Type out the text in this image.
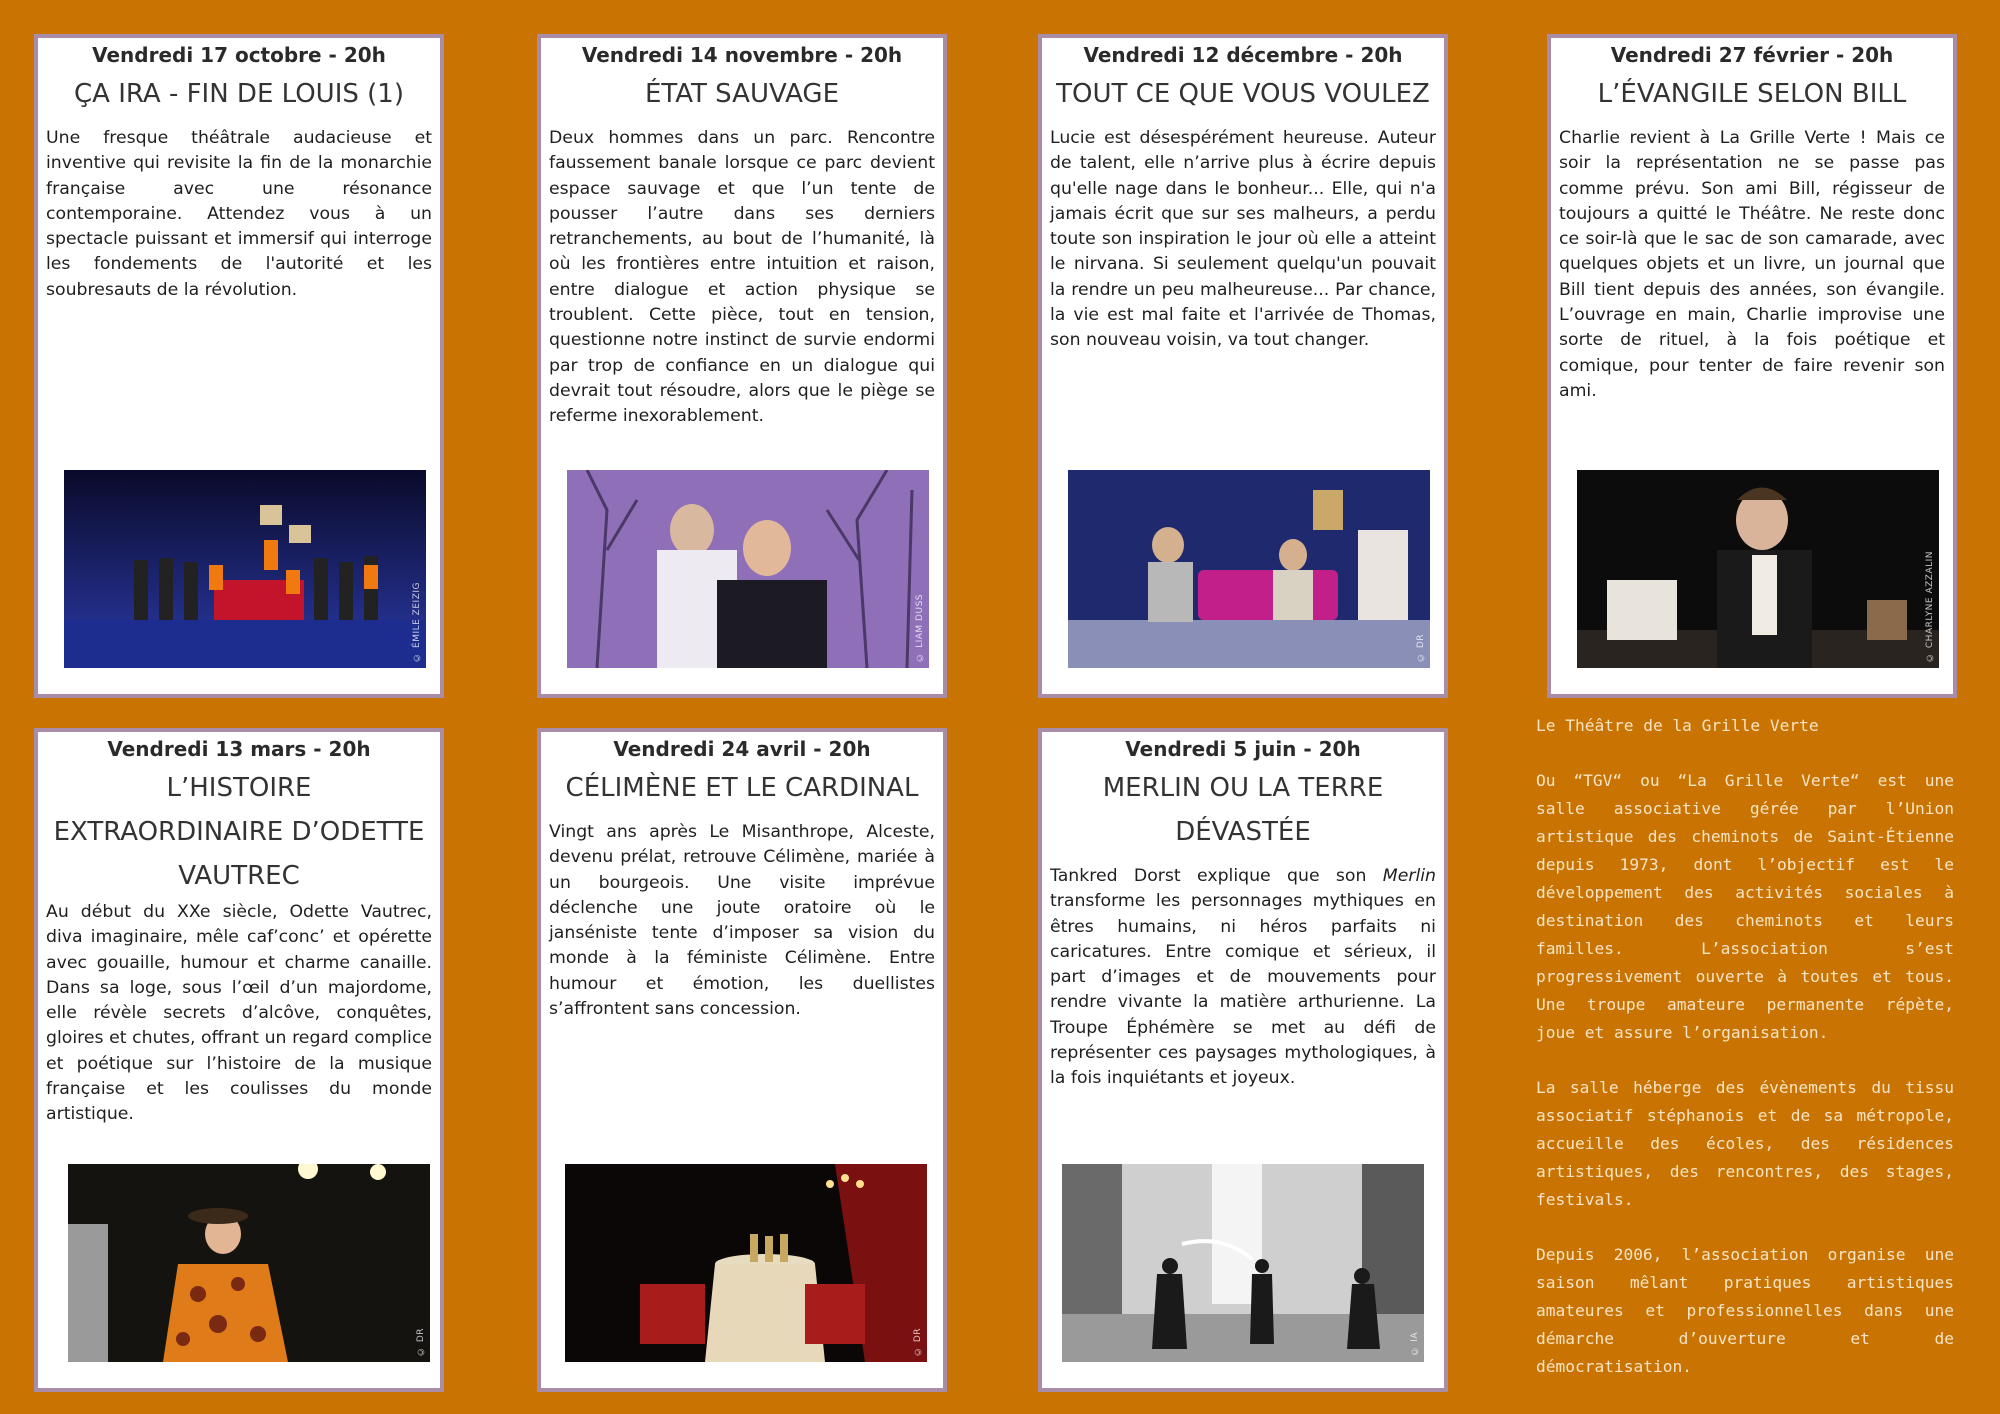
Vendredi 17 octobre - 20h
ÇA IRA - FIN DE LOUIS (1)
Une fresque théâtrale audacieuse et inventive qui revisite la fin de la monarchie française avec une résonance contemporaine. Attendez vous à un spectacle puissant et immersif qui interroge les fondements de l'autorité et les soubresauts de la révolution.
© ÉMILE ZEIZIG
Vendredi 14 novembre - 20h
ÉTAT SAUVAGE
Deux hommes dans un parc. Rencontre faussement banale lorsque ce parc devient espace sauvage et que l’un tente de pousser l’autre dans ses derniers retranchements, au bout de l’humanité, là où les frontières entre intuition et raison, entre dialogue et action physique se troublent. Cette pièce, tout en tension, questionne notre instinct de survie endormi par trop de confiance en un dialogue qui devrait tout résoudre, alors que le piège se referme inexorablement.
© LIAM DUSS
Vendredi 12 décembre - 20h
TOUT CE QUE VOUS VOULEZ
Lucie est désespérément heureuse. Auteur de talent, elle n’arrive plus à écrire depuis qu'elle nage dans le bonheur... Elle, qui n'a jamais écrit que sur ses malheurs, a perdu toute son inspiration le jour où elle a atteint le nirvana. Si seulement quelqu'un pouvait la rendre un peu malheureuse... Par chance, la vie est mal faite et l'arrivée de Thomas, son nouveau voisin, va tout changer.
© DR
Vendredi 27 février - 20h
L’ÉVANGILE SELON BILL
Charlie revient à La Grille Verte ! Mais ce soir la représentation ne se passe pas comme prévu. Son ami Bill, régisseur de toujours a quitté le Théâtre. Ne reste donc ce soir-là que le sac de son camarade, avec quelques objets et un livre, un journal que Bill tient depuis des années, son évangile. L’ouvrage en main, Charlie improvise une sorte de rituel, à la fois poétique et comique, pour tenter de faire revenir son ami.
© CHARLYNE AZZALIN
Vendredi 13 mars - 20h
L’HISTOIRE EXTRAORDINAIRE D’ODETTE VAUTREC
Au début du XXe siècle, Odette Vautrec, diva imaginaire, mêle caf’conc’ et opérette avec gouaille, humour et charme canaille. Dans sa loge, sous l’œil d’un majordome, elle révèle secrets d’alcôve, conquêtes, gloires et chutes, offrant un regard complice et poétique sur l’histoire de la musique française et les coulisses du monde artistique.
© DR
Vendredi 24 avril - 20h
CÉLIMÈNE ET LE CARDINAL
Vingt ans après Le Misanthrope, Alceste, devenu prélat, retrouve Célimène, mariée à un bourgeois. Une visite imprévue déclenche une joute oratoire où le janséniste tente d’imposer sa vision du monde à la féministe Célimène. Entre humour et émotion, les duellistes s’affrontent sans concession.
© DR
Vendredi 5 juin - 20h
MERLIN OU LA TERRE DÉVASTÉE
Tankred Dorst explique que son Merlin transforme les personnages mythiques en êtres humains, ni héros parfaits ni caricatures. Entre comique et sérieux, il part d’images et de mouvements pour rendre vivante la matière arthurienne. La Troupe Éphémère se met au défi de représenter ces paysages mythologiques, à la fois inquiétants et joyeux.
© IA

Le Théâtre de la Grille Verte

Ou “TGV“ ou “La Grille Verte“ est une salle associative gérée par l’Union artistique des cheminots de Saint-Étienne depuis 1973, dont l’objectif est le développement des activités sociales à destination des cheminots et leurs familles. L’association s’est progressivement ouverte à toutes et tous. Une troupe amateure permanente répète, joue et assure l’organisation.

La salle héberge des évènements du tissu associatif stéphanois et de sa métropole, accueille des écoles, des résidences artistiques, des rencontres, des stages, festivals.

Depuis 2006, l’association organise une saison mêlant pratiques artistiques amateures et professionnelles dans une démarche d’ouverture et de démocratisation.
